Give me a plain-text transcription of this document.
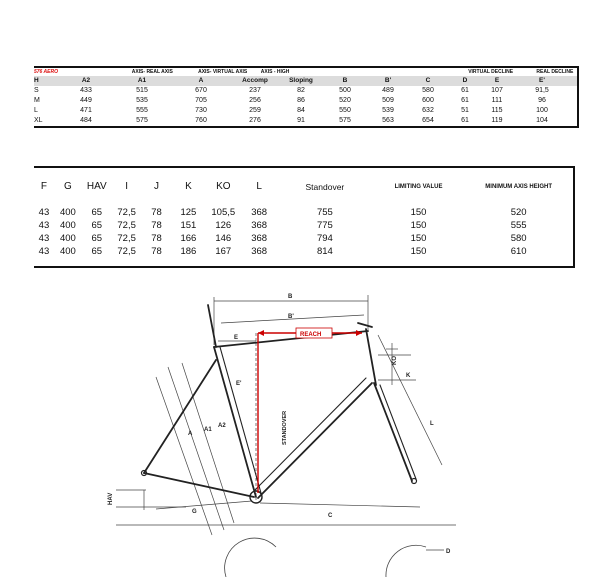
576 AERO	AXIS- REAL AXIS	AXIS- VIRTUAL AXIS	AXIS - HIGH	VIRTUAL DECLINE	REAL DECLINE
H	A2	A1	A	Accomp	Sloping	B	B'	C	D	E	E'
S	433	515	670	237	82	500	489	580	61	107	91,5
M	449	535	705	256	86	520	509	600	61	111	96
L	471	555	730	259	84	550	539	632	51	115	100
XL	484	575	760	276	91	575	563	654	61	119	104
F	G	HAV	I	J	K	KO	L	Standover	LIMITING VALUE	MINIMUM AXIS HEIGHT
43	400	65	72,5	78	125	105,5	368	755	150	520
43	400	65	72,5	78	151	126	368	775	150	555
43	400	65	72,5	78	166	146	368	794	150	580
43	400	65	72,5	78	186	167	368	814	150	610
B
B'
REACH
E
E'
KO
K
A
A1
A2	STANDOVER	L
HAV
G
C
D
